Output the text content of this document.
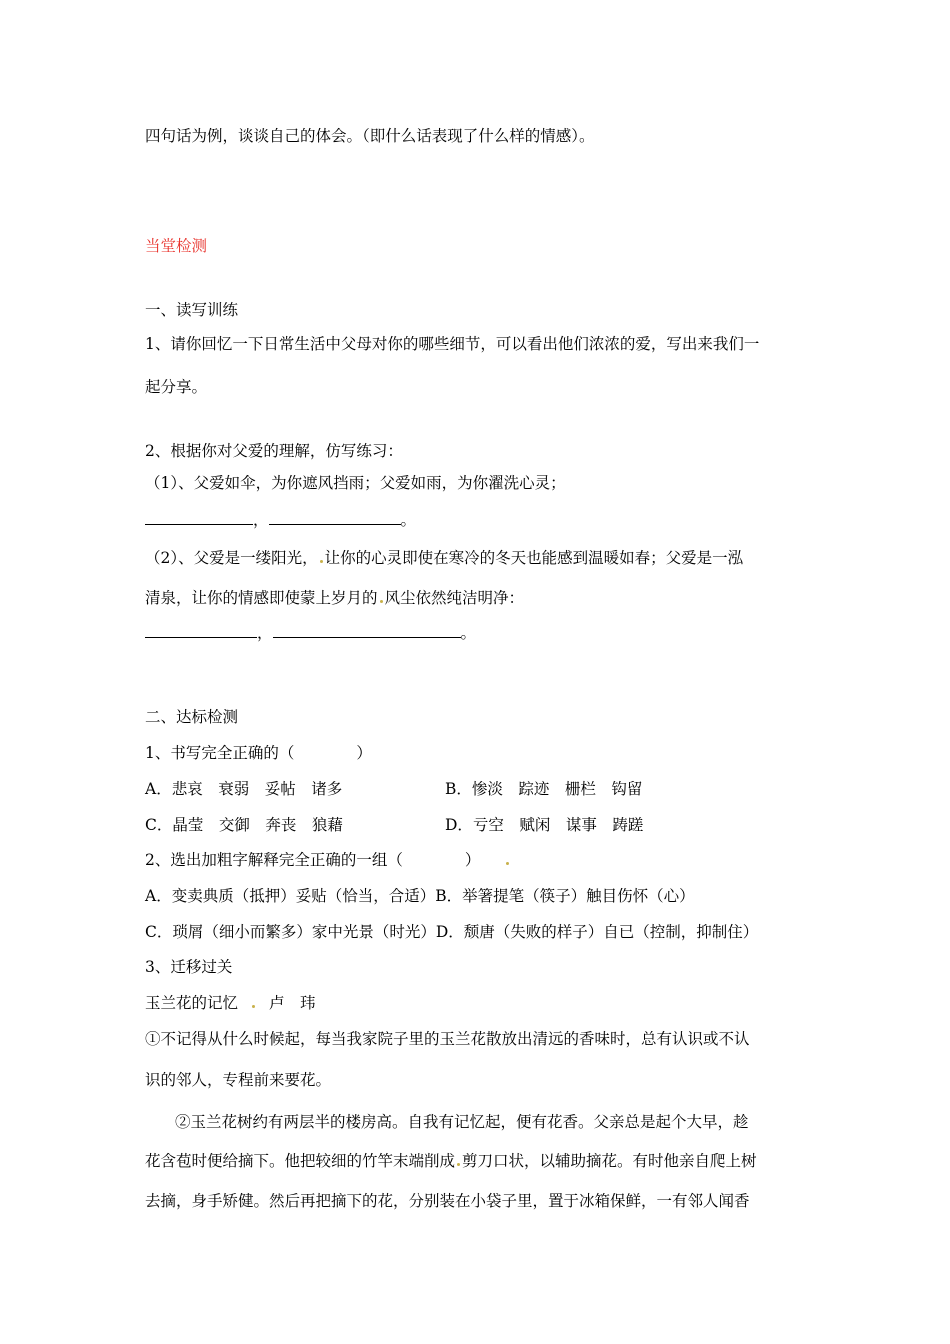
四句话为例，谈谈自己的体会。（即什么话表现了什么样的情感）。
当堂检测
一、读写训练
1、请你回忆一下日常生活中父母对你的哪些细节，可以看出他们浓浓的爱，写出来我们一
起分享。
2、根据你对父爱的理解，仿写练习：
（1）、父爱如伞，为你遮风挡雨；父爱如雨，为你濯洗心灵；
，	。
（2）、父爱是一缕阳光， 让你的心灵即使在寒冷的冬天也能感到温暖如春；父爱是一泓
清泉，让你的情感即使蒙上岁月的 风尘依然纯洁明净：
，	。
二、达标检测
1、书写完全正确的（　　　　）
A．悲哀　衰弱　妥帖　诸多	B．惨淡　踪迹　栅栏　钩留
C．晶莹　交御　奔丧　狼藉	D．亏空　赋闲　谋事　踌蹉
2、选出加粗字解释完全正确的一组（　　　　）
A．变卖典质（抵押）妥贴（恰当，合适）B．举箸提笔（筷子）触目伤怀（心）
C．琐屑（细小而繁多）家中光景（时光）D．颓唐（失败的样子）自已（控制，抑制住）
3、迁移过关
玉兰花的记忆 卢　玮
①不记得从什么时候起，每当我家院子里的玉兰花散放出清远的香味时，总有认识或不认
识的邻人，专程前来要花。
②玉兰花树约有两层半的楼房高。自我有记忆起，便有花香。父亲总是起个大早，趁
花含苞时便给摘下。他把较细的竹竿末端削成 剪刀口状，以辅助摘花。有时他亲自爬上树
去摘，身手矫健。然后再把摘下的花，分别装在小袋子里，置于冰箱保鲜，一有邻人闻香
